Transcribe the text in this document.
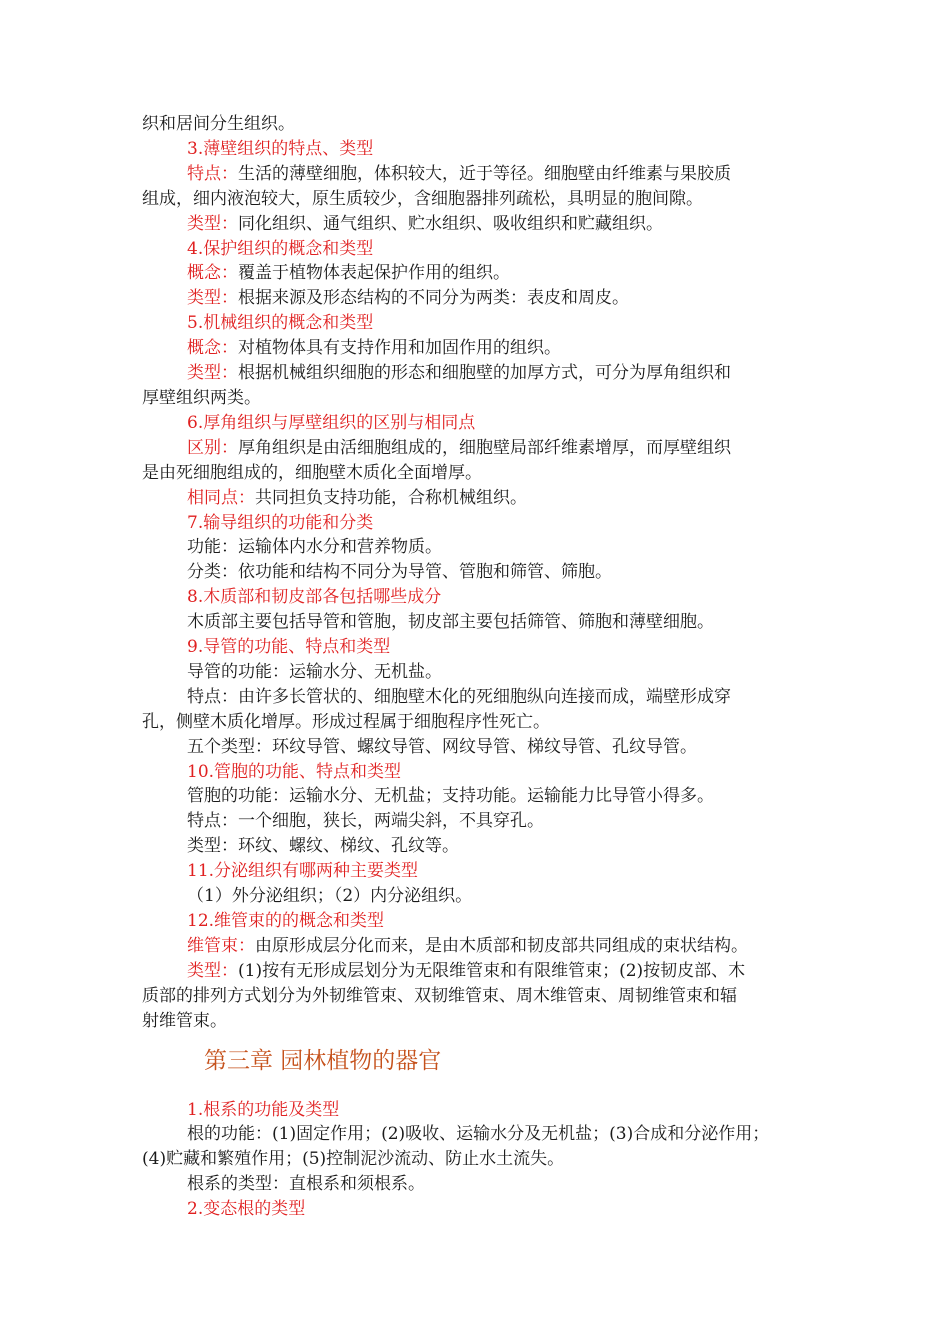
织和居间分生组织。
3.薄壁组织的特点、类型
特点：生活的薄壁细胞，体积较大，近于等径。细胞壁由纤维素与果胶质
组成，细内液泡较大，原生质较少，含细胞器排列疏松，具明显的胞间隙。
类型：同化组织、通气组织、贮水组织、吸收组织和贮藏组织。
4.保护组织的概念和类型
概念：覆盖于植物体表起保护作用的组织。
类型：根据来源及形态结构的不同分为两类：表皮和周皮。
5.机械组织的概念和类型
概念：对植物体具有支持作用和加固作用的组织。
类型：根据机械组织细胞的形态和细胞壁的加厚方式，可分为厚角组织和
厚壁组织两类。
6.厚角组织与厚壁组织的区别与相同点
区别：厚角组织是由活细胞组成的，细胞壁局部纤维素增厚，而厚壁组织
是由死细胞组成的，细胞壁木质化全面增厚。
相同点：共同担负支持功能，合称机械组织。
7.输导组织的功能和分类
功能：运输体内水分和营养物质。
分类：依功能和结构不同分为导管、管胞和筛管、筛胞。
8.木质部和韧皮部各包括哪些成分
木质部主要包括导管和管胞，韧皮部主要包括筛管、筛胞和薄壁细胞。
9.导管的功能、特点和类型
导管的功能：运输水分、无机盐。
特点：由许多长管状的、细胞壁木化的死细胞纵向连接而成，端壁形成穿
孔，侧壁木质化增厚。形成过程属于细胞程序性死亡。
五个类型：环纹导管、螺纹导管、网纹导管、梯纹导管、孔纹导管。
10.管胞的功能、特点和类型
管胞的功能：运输水分、无机盐；支持功能。运输能力比导管小得多。
特点：一个细胞，狭长，两端尖斜，不具穿孔。
类型：环纹、螺纹、梯纹、孔纹等。
11.分泌组织有哪两种主要类型
（1）外分泌组织；（2）内分泌组织。
12.维管束的的概念和类型
维管束：由原形成层分化而来，是由木质部和韧皮部共同组成的束状结构。
类型：(1)按有无形成层划分为无限维管束和有限维管束；(2)按韧皮部、木
质部的排列方式划分为外韧维管束、双韧维管束、周木维管束、周韧维管束和辐
射维管束。
第三章 园林植物的器官
1.根系的功能及类型
根的功能：(1)固定作用；(2)吸收、运输水分及无机盐；(3)合成和分泌作用；
(4)贮藏和繁殖作用；(5)控制泥沙流动、防止水土流失。
根系的类型：直根系和须根系。
2.变态根的类型
